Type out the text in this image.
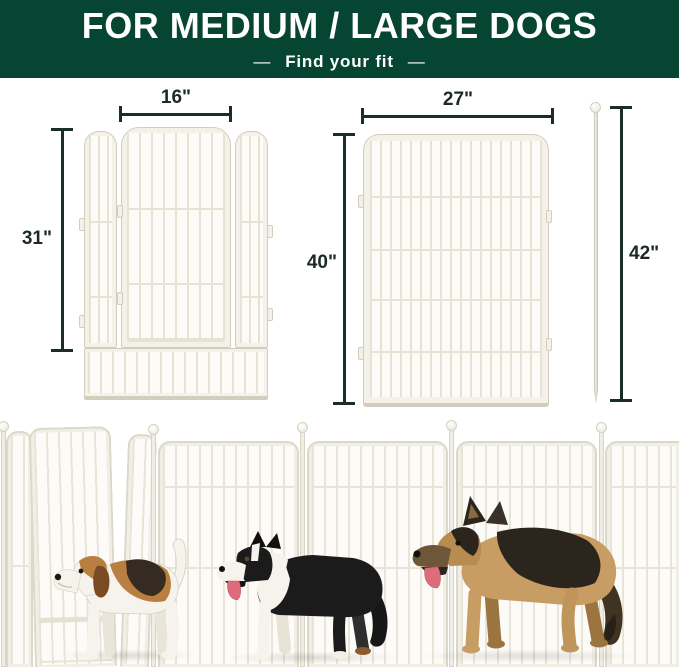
FOR MEDIUM / LARGE DOGS
— Find your fit —
16"
31"
27"
40"	42"
